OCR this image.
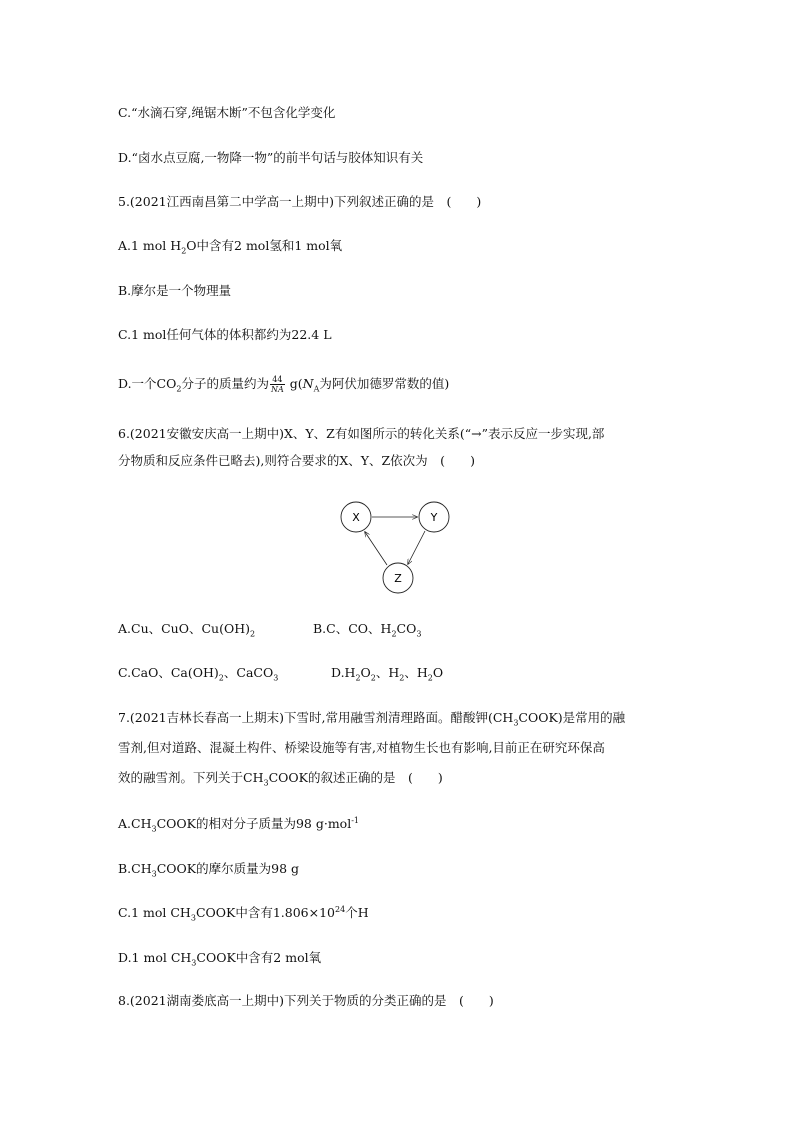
C.“水滴石穿,绳锯木断”不包含化学变化
D.“卤水点豆腐,一物降一物”的前半句话与胶体知识有关
5.(2021江西南昌第二中学高一上期中)下列叙述正确的是　(　　)
A.1 mol $H_2O$中含有2 mol氢和1 mol氧
B.摩尔是一个物理量
C.1 mol任何气体的体积都约为22.4 L
D.一个$CO_2$分子的质量约为 $\frac{44}{NA} g(N_A$为阿伏加德罗常数的值)
6.(2021安徽安庆高一上期中)X、Y、Z有如图所示的转化关系(“→”表示反应一步实现,部
分物质和反应条件已略去),则符合要求的X、Y、Z依次为　(　　)
X	Y
Z
A.Cu、CuO、$Cu(OH)_2$	B.C、CO、$H_2CO_3$
C.CaO、$Ca(OH)_2$、CaCO$_3$	$D.H_2O_2$、$H_2$、$H_2O$
7.(2021吉林长春高一上期末)下雪时,常用融雪剂清理路面。醋酸钾$(CH_3COOK)$是常用的融
雪剂,但对道路、混凝土构件、桥梁设施等有害,对植物生长也有影响,目前正在研究环保高
效的融雪剂。下列关于$CH_3COOK$的叙述正确的是　(　　)
$A.CH_3COOK$的相对分子质量为98 g·mol$^{-1}$
$B.CH_3COOK$的摩尔质量为98 g
C.1 mol $CH_3COOK$中含有$1.806\times 10^{24}$个H
D.1 mol $CH_3COOK$中含有2 mol氧
8.(2021湖南娄底高一上期中)下列关于物质的分类正确的是　(　　)
